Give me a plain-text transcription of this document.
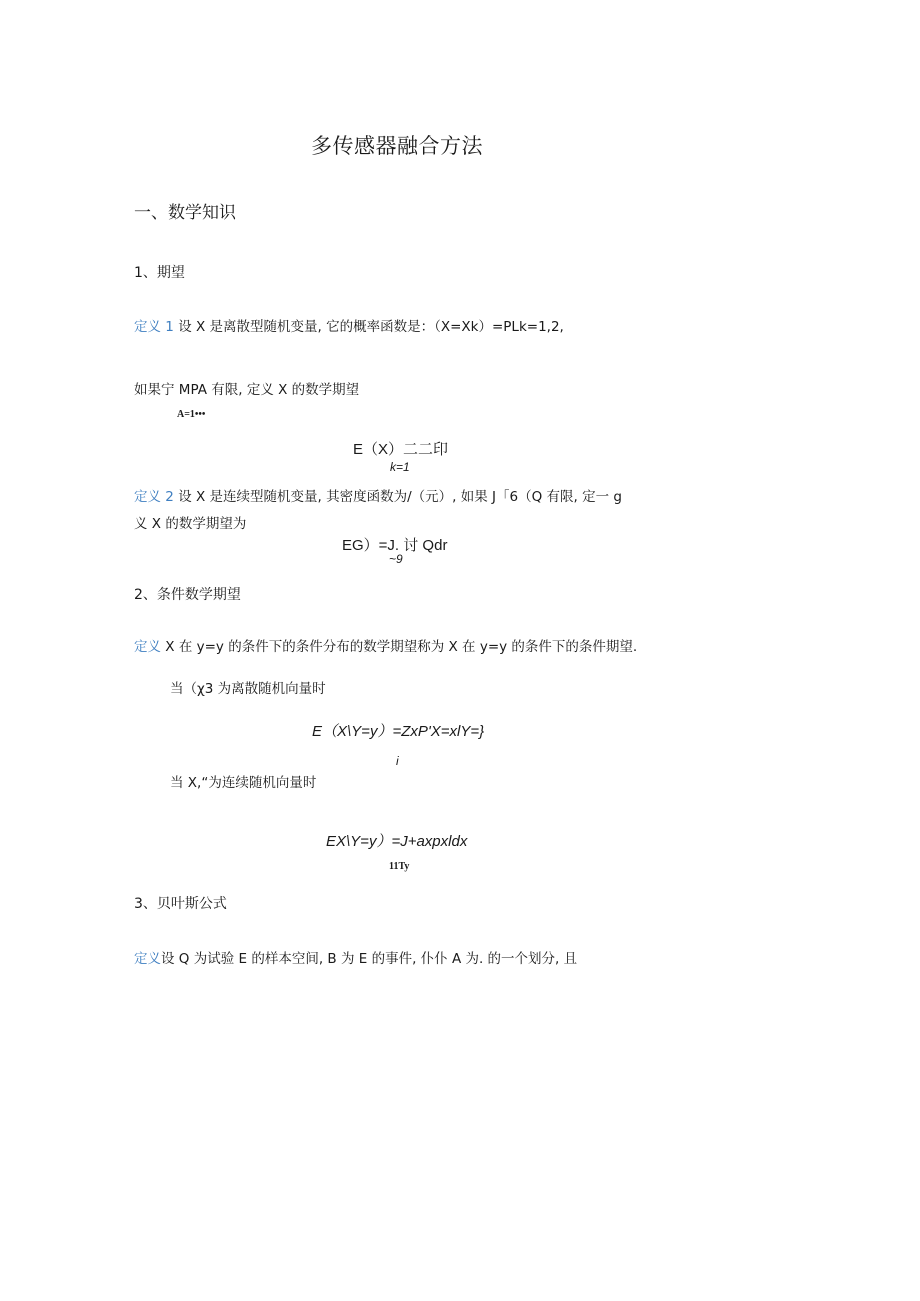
多传感器融合方法
一、数学知识
1、期望
定义 1 设 X 是离散型随机变量, 它的概率函数是：（X=Xk）=PLk=1,2,
如果宁 MPA 有限, 定义 X 的数学期望
A=1•••
E（X）二二印
k=1
定义 2 设 X 是连续型随机变量, 其密度函数为/（元）, 如果 J「6（Q 有限, 定一 g
义 X 的数学期望为
EG）=J. 讨 Qdr
~9
2、条件数学期望
定义 X 在 y=y 的条件下的条件分布的数学期望称为 X 在 y=y 的条件下的条件期望.
当（χ3 为离散随机向量时
E（X\Y=y）=ZxP'X=xlY=}
i
当 X,“为连续随机向量时
EX\Y=y）=J+axpxldx
11Ty
3、贝叶斯公式
定义设 Q 为试验 E 的样本空间, B 为 E 的事件, 仆仆 A 为. 的一个划分, 且
